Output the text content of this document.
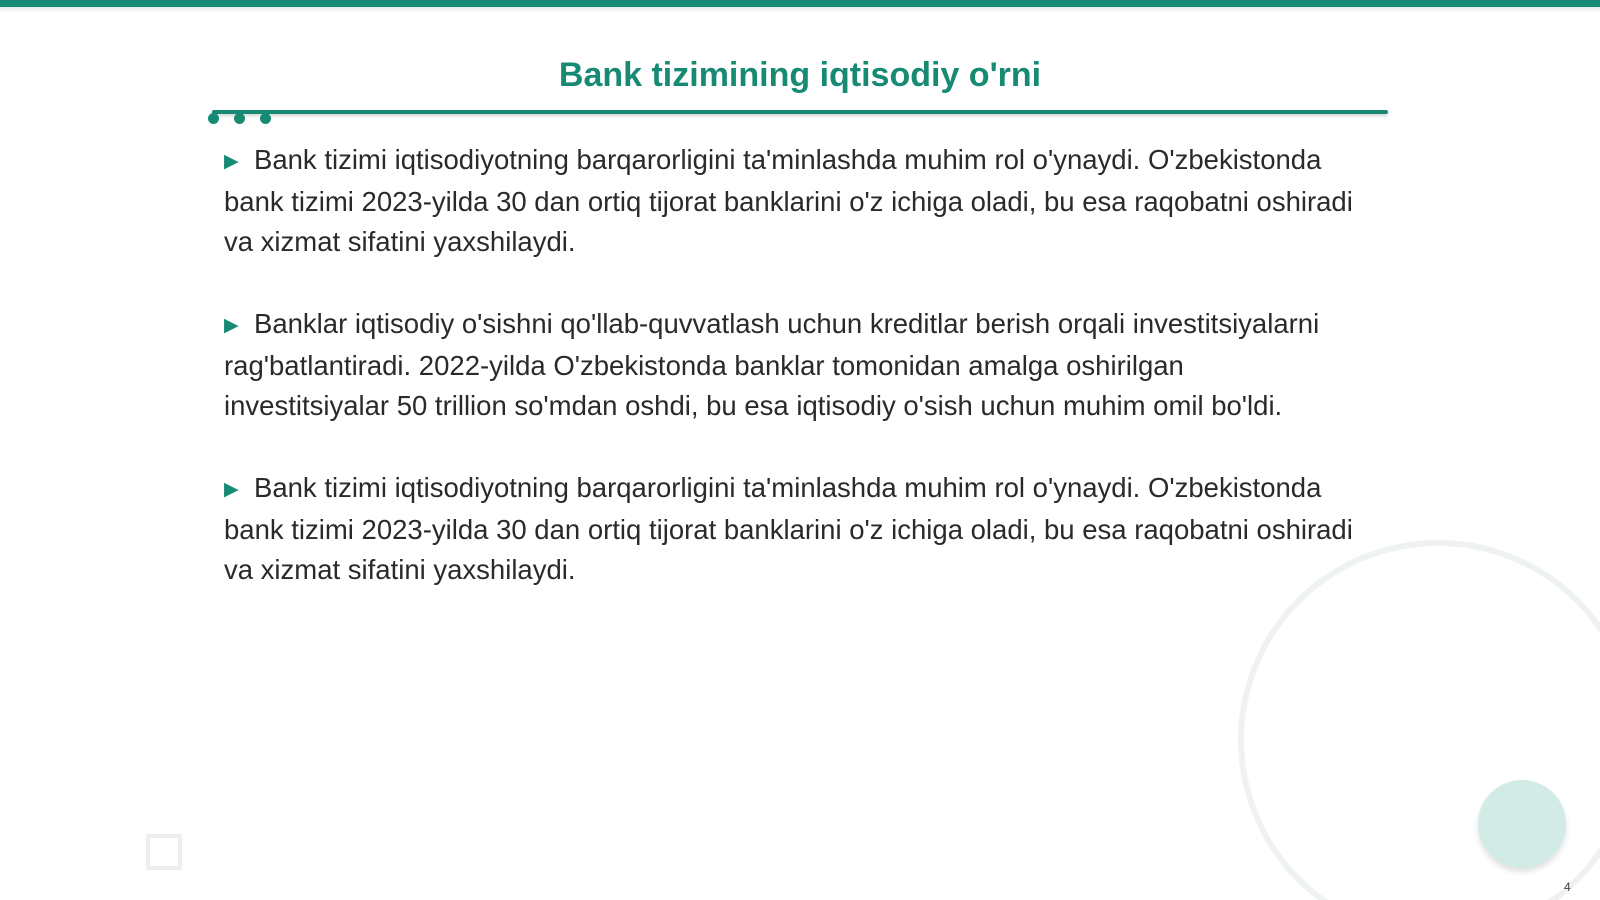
Bank tizimining iqtisodiy o'rni

▶ Bank tizimi iqtisodiyotning barqarorligini ta'minlashda muhim rol o'ynaydi. O'zbekistonda bank tizimi 2023-yilda 30 dan ortiq tijorat banklarini o'z ichiga oladi, bu esa raqobatni oshiradi va xizmat sifatini yaxshilaydi.

▶ Banklar iqtisodiy o'sishni qo'llab-quvvatlash uchun kreditlar berish orqali investitsiyalarni rag'batlantiradi. 2022-yilda O'zbekistonda banklar tomonidan amalga oshirilgan investitsiyalar 50 trillion so'mdan oshdi, bu esa iqtisodiy o'sish uchun muhim omil bo'ldi.

▶ Bank tizimi iqtisodiyotning barqarorligini ta'minlashda muhim rol o'ynaydi. O'zbekistonda bank tizimi 2023-yilda 30 dan ortiq tijorat banklarini o'z ichiga oladi, bu esa raqobatni oshiradi va xizmat sifatini yaxshilaydi.

4
